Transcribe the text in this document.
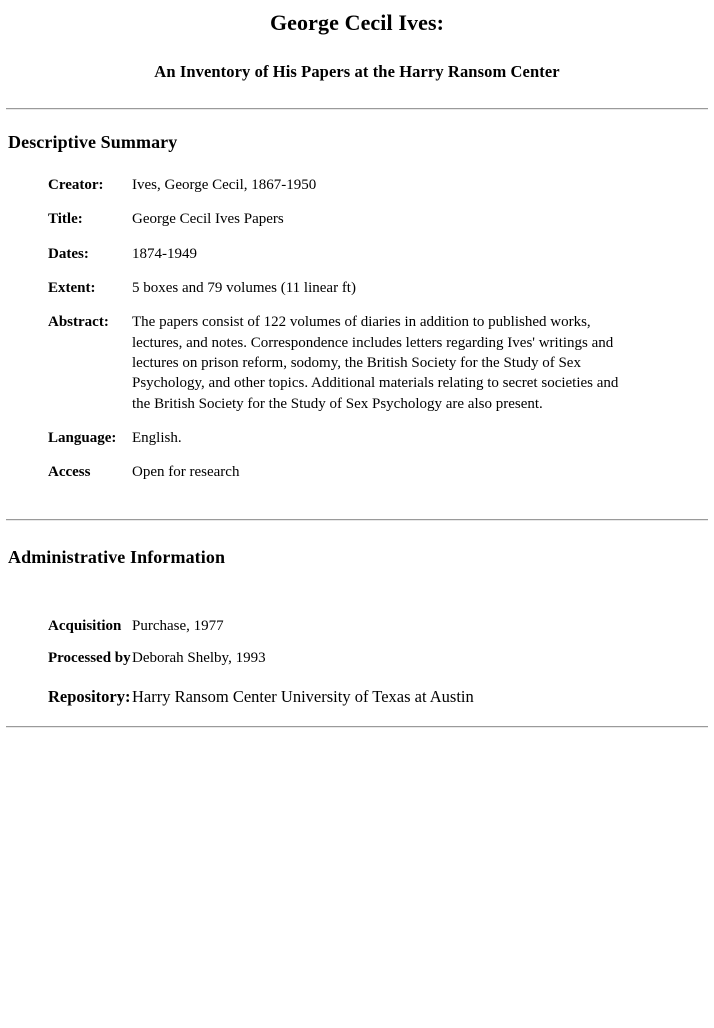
George Cecil Ives:
An Inventory of His Papers at the Harry Ransom Center
Descriptive Summary
Creator:	Ives, George Cecil, 1867-1950
Title:	George Cecil Ives Papers
Dates:	1874-1949
Extent:	5 boxes and 79 volumes (11 linear ft)
Abstract:	The papers consist of 122 volumes of diaries in addition to published works, lectures, and notes. Correspondence includes letters regarding Ives' writings and lectures on prison reform, sodomy, the British Society for the Study of Sex Psychology, and other topics. Additional materials relating to secret societies and the British Society for the Study of Sex Psychology are also present.
Language:	English.
Access	Open for research
Administrative Information
Acquisition	Purchase, 1977
Processed by	Deborah Shelby, 1993
Repository:	Harry Ransom Center University of Texas at Austin
